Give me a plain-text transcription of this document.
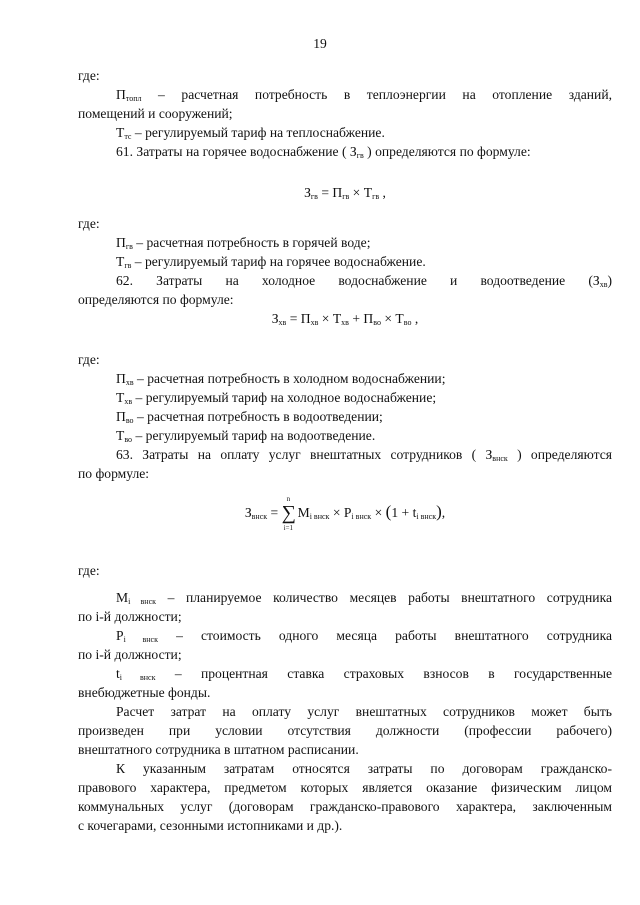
19

где:

$П_{топл}$ – расчетная потребность в теплоэнергии на отопление зданий,

помещений и сооружений;

$Т_{тс}$ – регулируемый тариф на теплоснабжение.

61. Затраты на горячее водоснабжение ( $З_{гв}$ ) определяются по формуле:

$З_{гв} = П_{гв} \times Т_{гв}$ ,

где:

$П_{гв}$ – расчетная потребность в горячей воде;

$Т_{гв}$ – регулируемый тариф на горячее водоснабжение.

62. Затраты на холодное водоснабжение и водоотведение $(З_{хв})$

определяются по формуле:

$З_{хв} = П_{хв} \times Т_{хв} + П_{во} \times Т_{во}$ ,

где:

$П_{хв}$ – расчетная потребность в холодном водоснабжении;

$Т_{хв}$ – регулируемый тариф на холодное водоснабжение;

$П_{во}$ – расчетная потребность в водоотведении;

$Т_{во}$ – регулируемый тариф на водоотведение.

63. Затраты на оплату услуг внештатных сотрудников ( $З_{внск}$ ) определяются

по формуле:

$З_{внск}$ =
n
∑
i=1
$M_{i внск} \times P_{i внск} \times (1 + t_{i внск})$,

где:

$M_{i внск}$ – планируемое количество месяцев работы внештатного сотрудника

по i-й должности;

$P_{i внск}$ – стоимость одного месяца работы внештатного сотрудника

по i-й должности;

$t_{i внск}$ – процентная ставка страховых взносов в государственные

внебюджетные фонды.

Расчет затрат на оплату услуг внештатных сотрудников может быть

произведен при условии отсутствия должности (профессии рабочего)

внештатного сотрудника в штатном расписании.

К указанным затратам относятся затраты по договорам гражданско-

правового характера, предметом которых является оказание физическим лицом

коммунальных услуг (договорам гражданско-правового характера, заключенным

с кочегарами, сезонными истопниками и др.).
